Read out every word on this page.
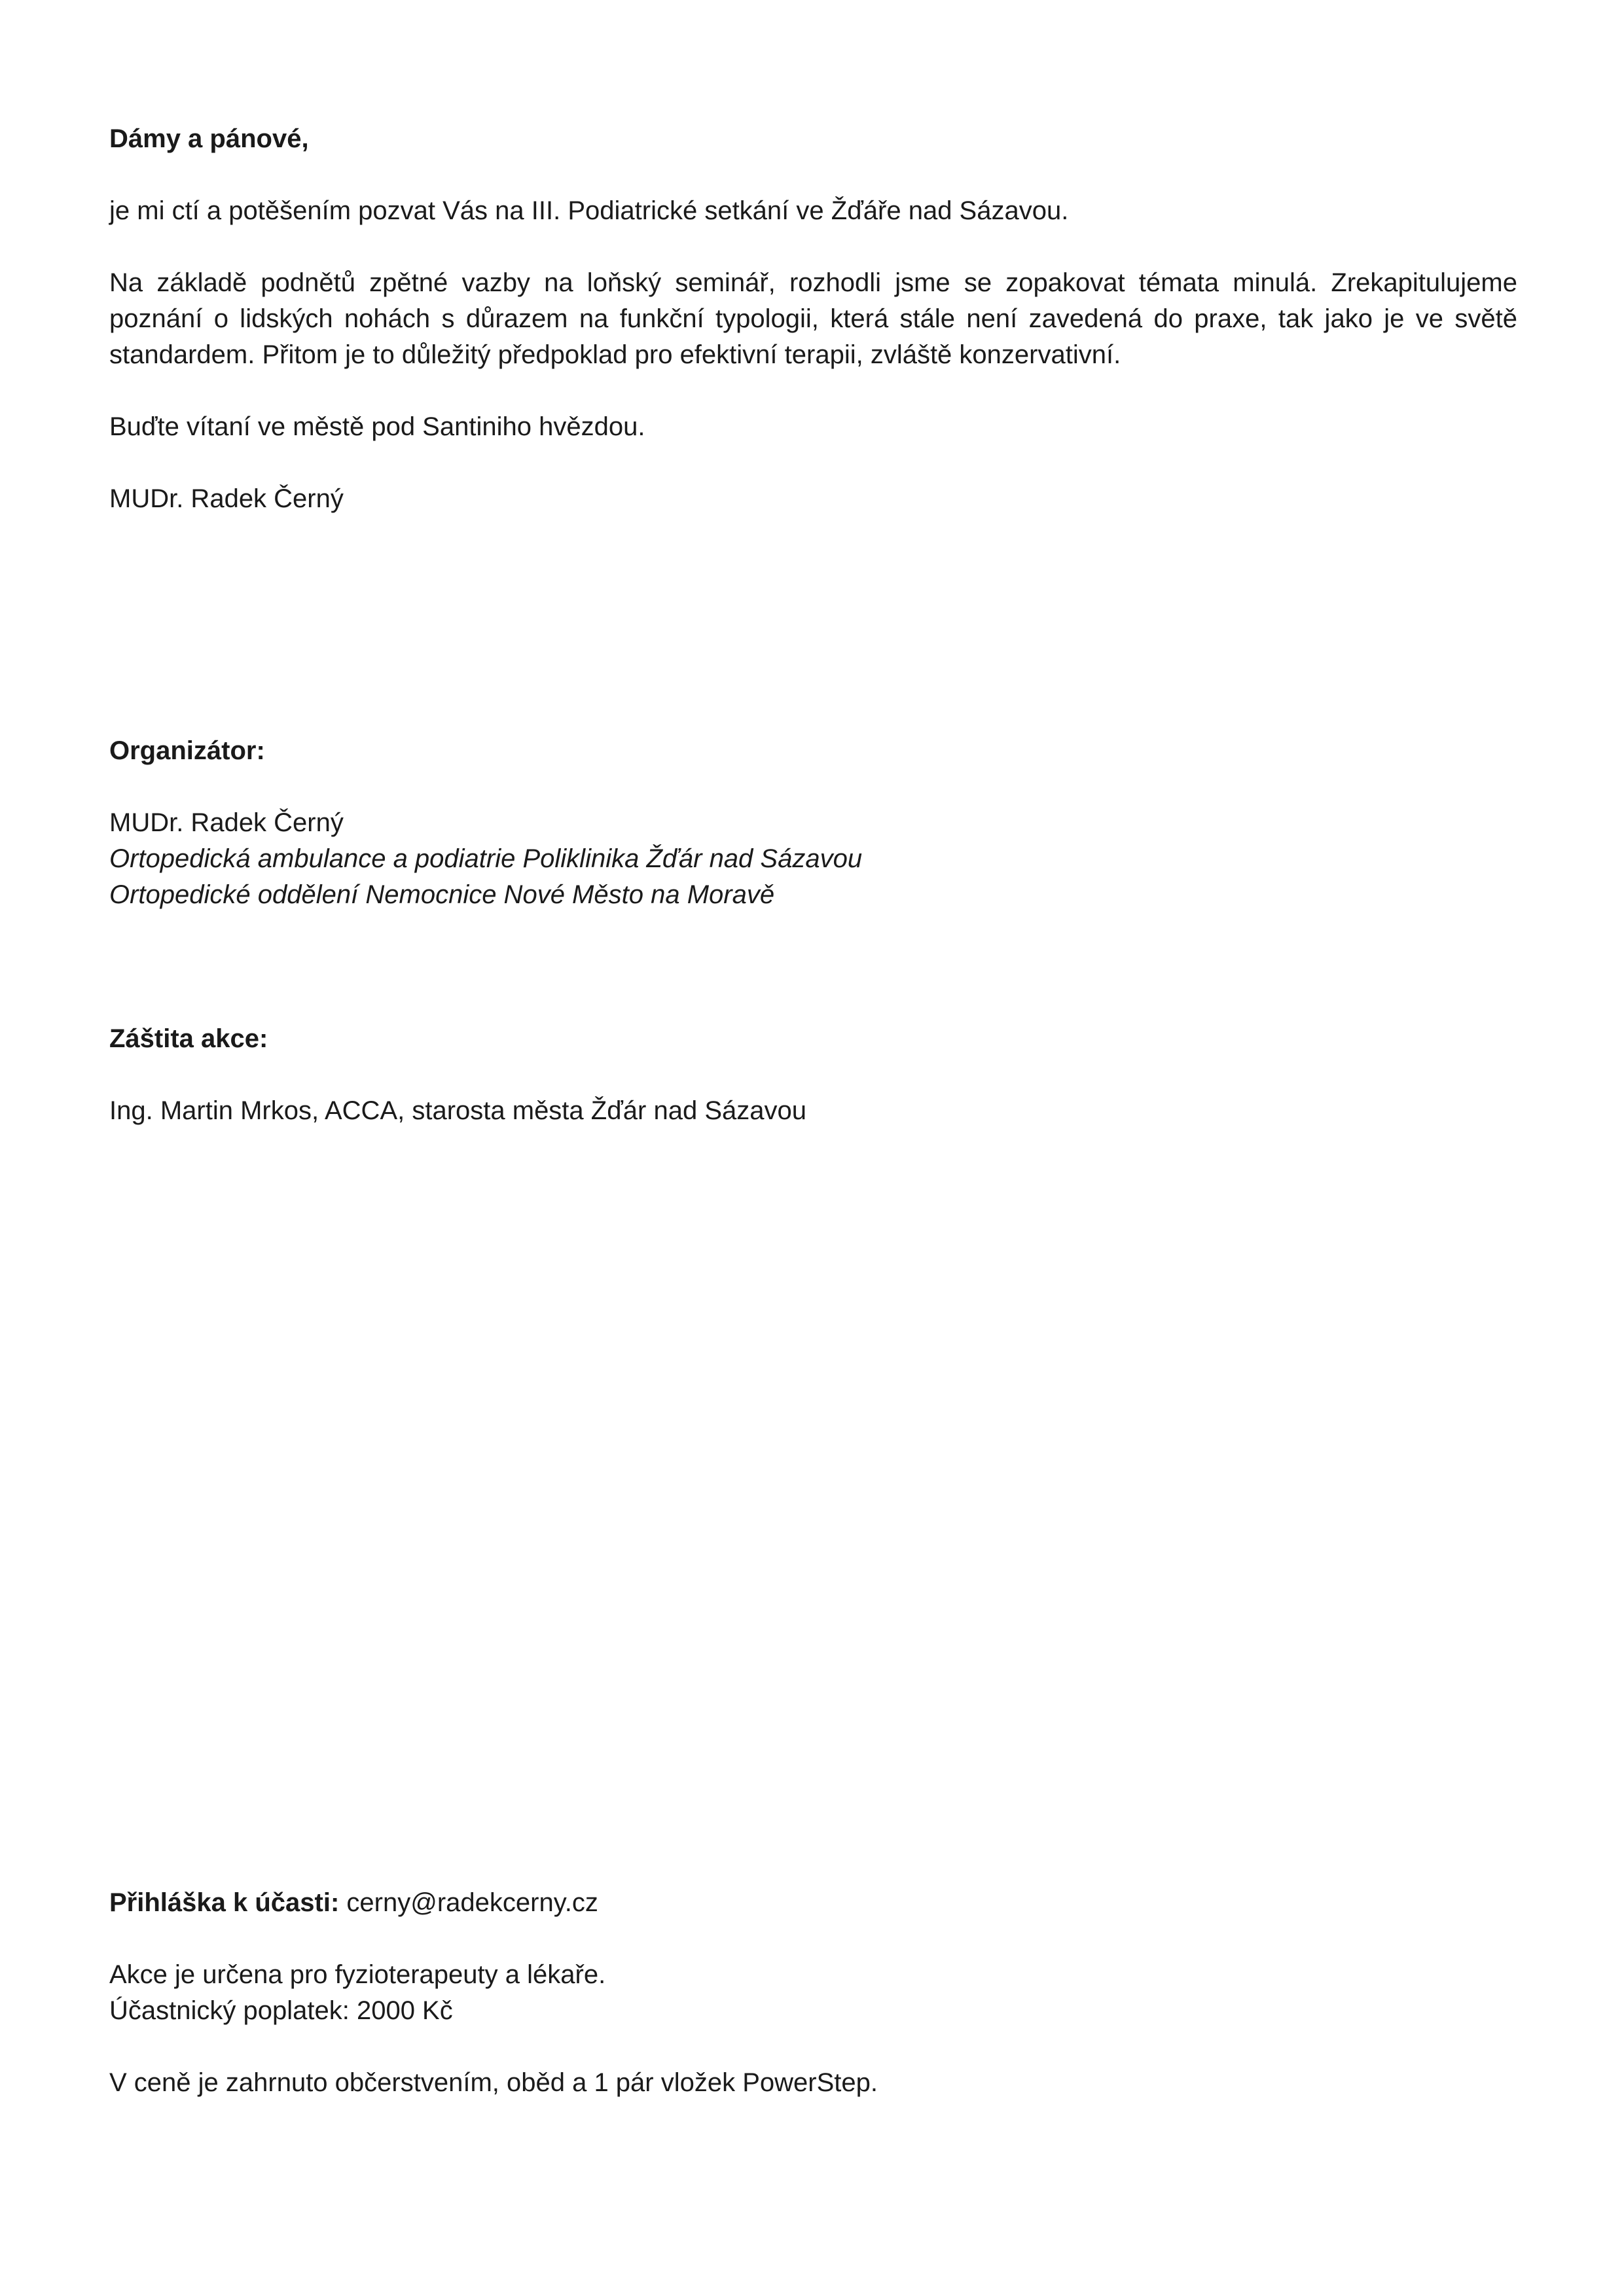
Dámy a pánové,

je mi ctí a potěšením pozvat Vás na III. Podiatrické setkání ve Žďáře nad Sázavou.

Na základě podnětů zpětné vazby na loňský seminář, rozhodli jsme se zopakovat témata minulá. Zrekapitulujeme poznání o lidských nohách s důrazem na funkční typologii, která stále není zavedená do praxe, tak jako je ve světě standardem. Přitom je to důležitý předpoklad pro efektivní terapii, zvláště konzervativní.

Buďte vítaní ve městě pod Santiniho hvězdou.

MUDr. Radek Černý

Organizátor:

MUDr. Radek Černý

Ortopedická ambulance a podiatrie Poliklinika Žďár nad Sázavou

Ortopedické oddělení Nemocnice Nové Město na Moravě

Záštita akce:

Ing. Martin Mrkos, ACCA, starosta města Žďár nad Sázavou

Přihláška k účasti: cerny@radekcerny.cz

Akce je určena pro fyzioterapeuty a lékaře.

Účastnický poplatek: 2000 Kč

V ceně je zahrnuto občerstvením, oběd a 1 pár vložek PowerStep.
